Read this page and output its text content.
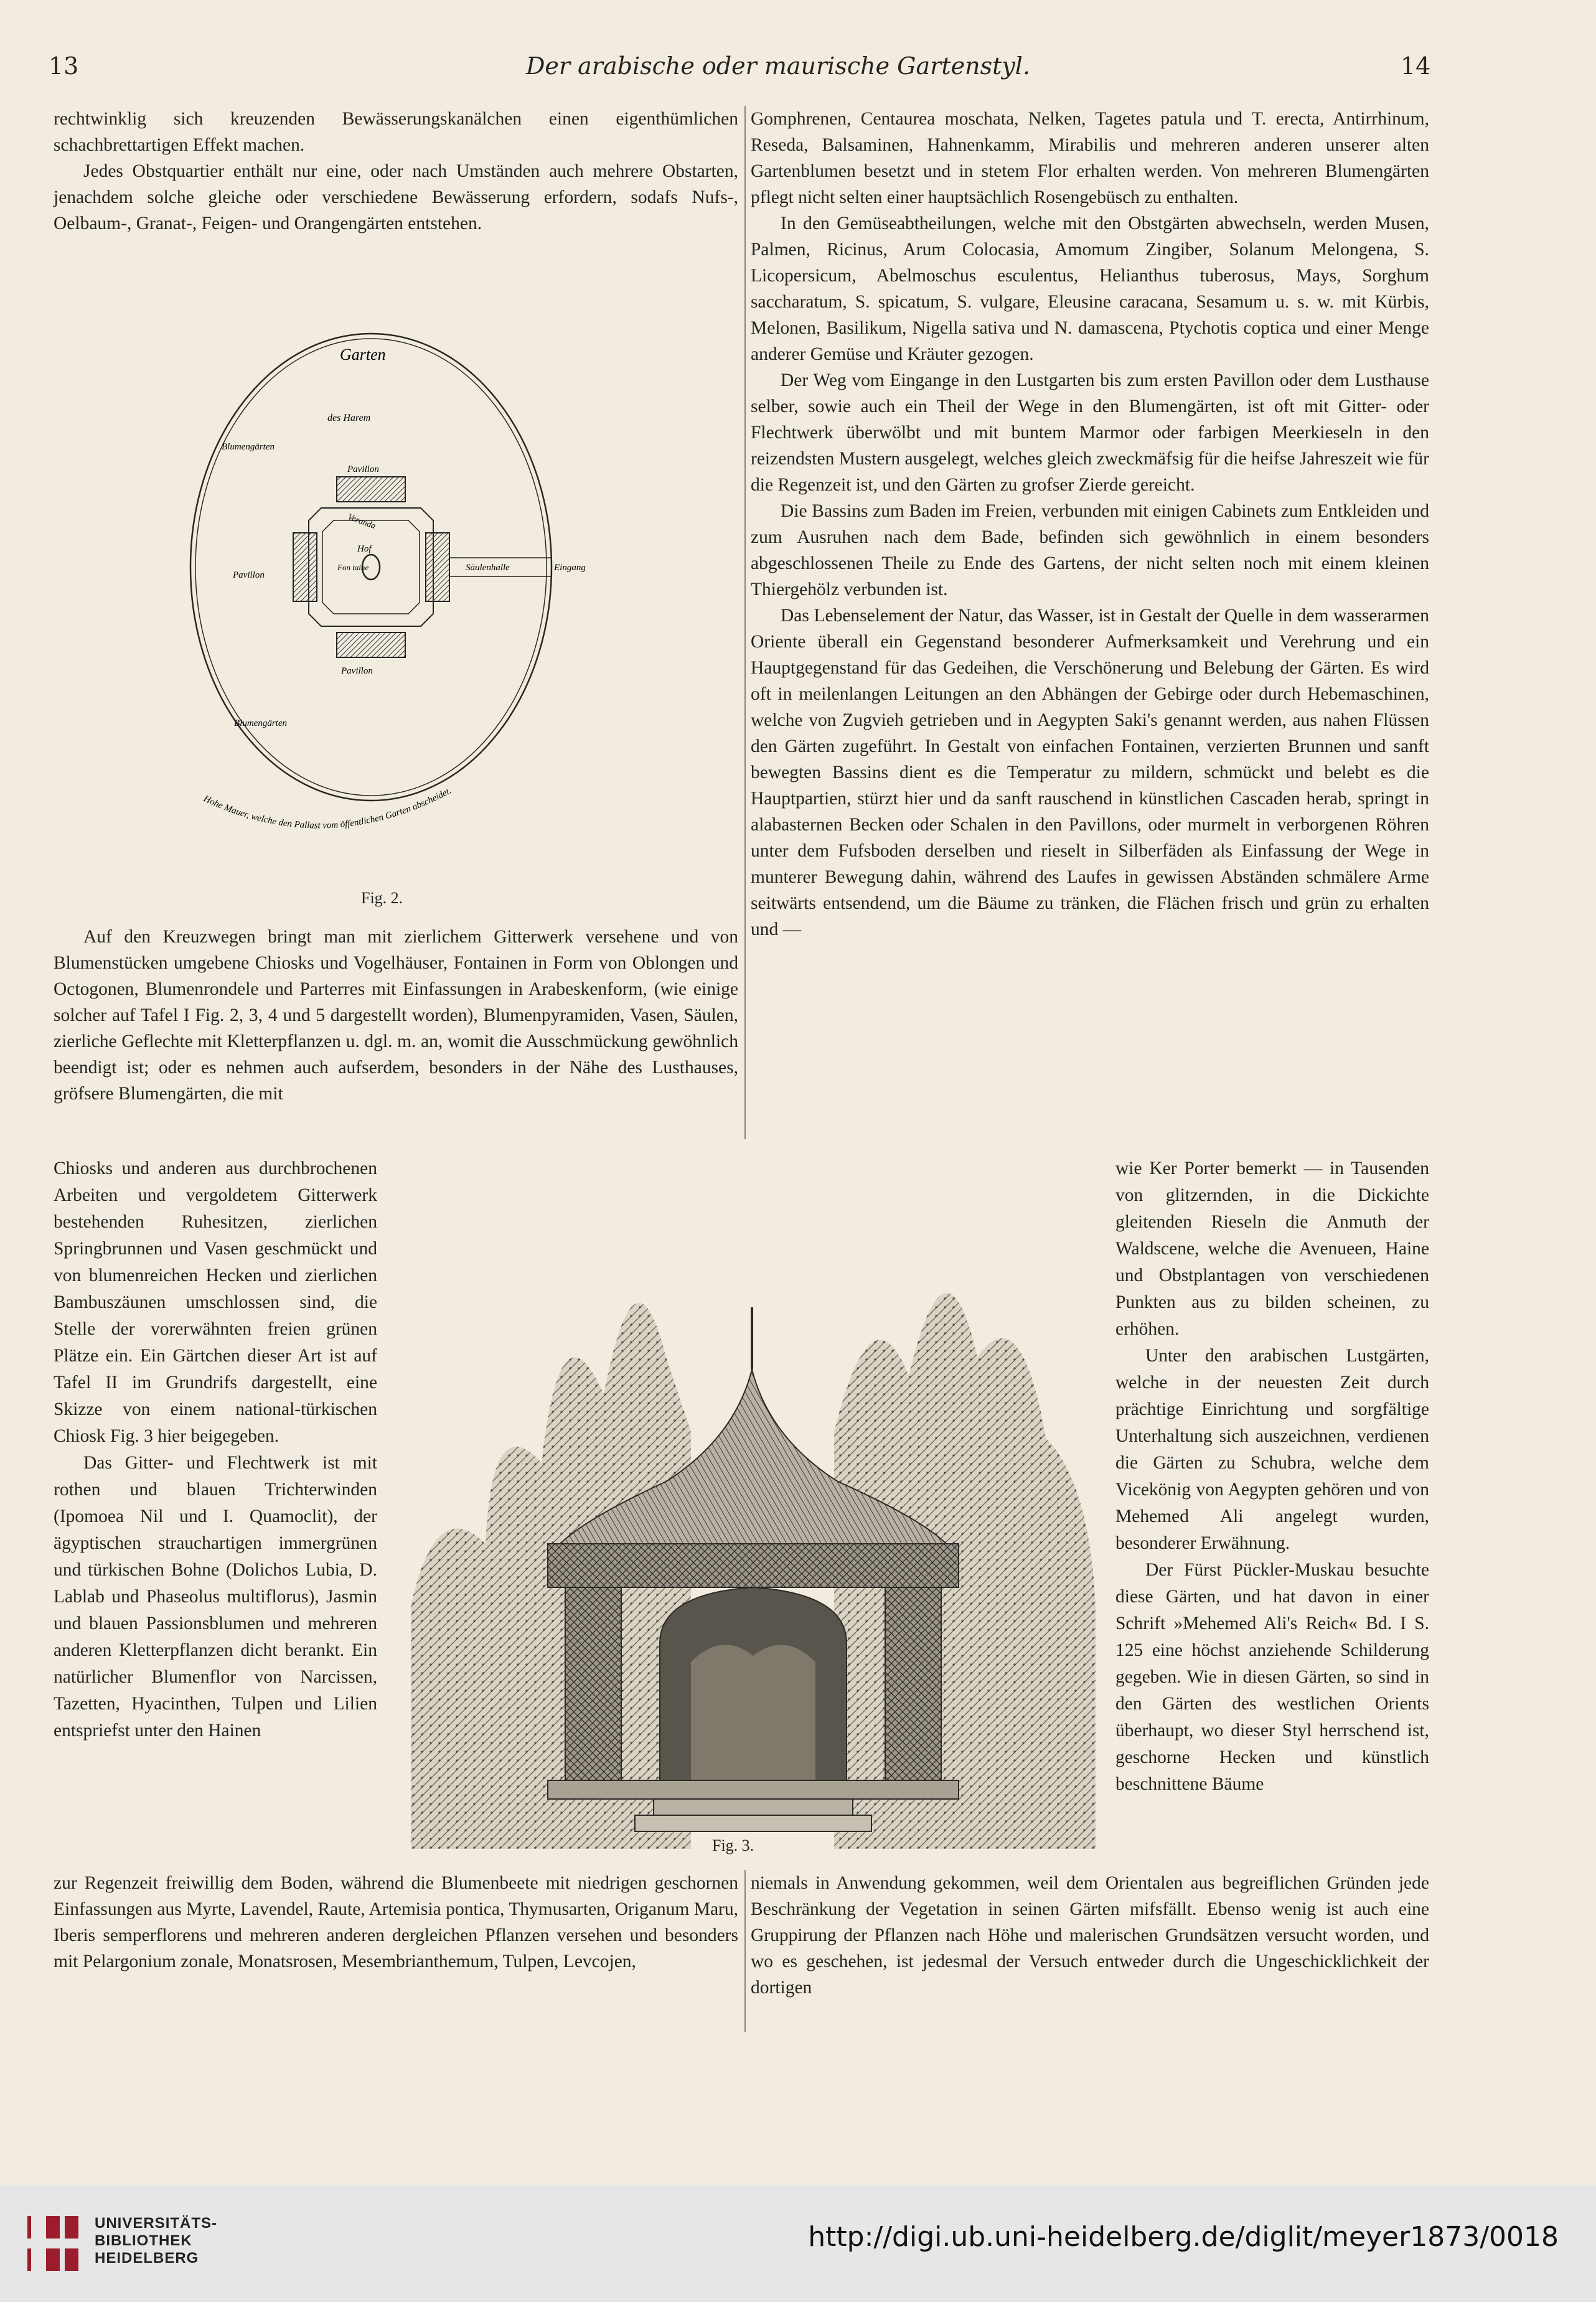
13	Der arabische oder maurische Gartenstyl.	14

rechtwinklig sich kreuzenden Bewässerungskanälchen einen eigenthümlichen schachbrettartigen Effekt machen.

Jedes Obstquartier enthält nur eine, oder nach Umständen auch mehrere Obstarten, jenachdem solche gleiche oder verschiedene Bewässerung erfordern, sodafs Nufs-, Oelbaum-, Granat-, Feigen- und Orangengärten entstehen.

Garten
des Harem
Blumengärten
Pavillon
Veranda
Hof
Fon taine
Pavillon
Pavillon
Säulenhalle	Eingang
Blumengärten
Hohe Mauer, welche den Pallast vom öffentlichen Garten abscheidet.
Fig. 2.

Auf den Kreuzwegen bringt man mit zierlichem Gitterwerk versehene und von Blumenstücken umgebene Chiosks und Vogelhäuser, Fontainen in Form von Oblongen und Octogonen, Blumenrondele und Parterres mit Einfassungen in Arabeskenform, (wie einige solcher auf Tafel I Fig. 2, 3, 4 und 5 dargestellt worden), Blumenpyramiden, Vasen, Säulen, zierliche Geflechte mit Kletterpflanzen u. dgl. m. an, womit die Ausschmückung gewöhnlich beendigt ist; oder es nehmen auch aufserdem, besonders in der Nähe des Lusthauses, gröfsere Blumengärten, die mit

Chiosks und anderen aus durchbrochenen Arbeiten und vergoldetem Gitterwerk bestehenden Ruhesitzen, zierlichen Springbrunnen und Vasen geschmückt und von blumenreichen Hecken und zierlichen Bambuszäunen umschlossen sind, die Stelle der vorerwähnten freien grünen Plätze ein. Ein Gärtchen dieser Art ist auf Tafel II im Grundrifs dargestellt, eine Skizze von einem national-türkischen Chiosk Fig. 3 hier beigegeben.

Das Gitter- und Flechtwerk ist mit rothen und blauen Trichterwinden (Ipomoea Nil und I. Quamoclit), der ägyptischen strauchartigen immergrünen und türkischen Bohne (Dolichos Lubia, D. Lablab und Phaseolus multiflorus), Jasmin und blauen Passionsblumen und mehreren anderen Kletterpflanzen dicht berankt. Ein natürlicher Blumenflor von Narcissen, Tazetten, Hyacinthen, Tulpen und Lilien entspriefst unter den Hainen

Fig. 3.

Gomphrenen, Centaurea moschata, Nelken, Tagetes patula und T. erecta, Antirrhinum, Reseda, Balsaminen, Hahnenkamm, Mirabilis und mehreren anderen unserer alten Gartenblumen besetzt und in stetem Flor erhalten werden. Von mehreren Blumengärten pflegt nicht selten einer hauptsächlich Rosengebüsch zu enthalten.

In den Gemüseabtheilungen, welche mit den Obstgärten abwechseln, werden Musen, Palmen, Ricinus, Arum Colocasia, Amomum Zingiber, Solanum Melongena, S. Licopersicum, Abelmoschus esculentus, Helianthus tuberosus, Mays, Sorghum saccharatum, S. spicatum, S. vulgare, Eleusine caracana, Sesamum u. s. w. mit Kürbis, Melonen, Basilikum, Nigella sativa und N. damascena, Ptychotis coptica und einer Menge anderer Gemüse und Kräuter gezogen.

Der Weg vom Eingange in den Lustgarten bis zum ersten Pavillon oder dem Lusthause selber, sowie auch ein Theil der Wege in den Blumengärten, ist oft mit Gitter- oder Flechtwerk überwölbt und mit buntem Marmor oder farbigen Meerkieseln in den reizendsten Mustern ausgelegt, welches gleich zweckmäfsig für die heifse Jahreszeit wie für die Regenzeit ist, und den Gärten zu grofser Zierde gereicht.

Die Bassins zum Baden im Freien, verbunden mit einigen Cabinets zum Entkleiden und zum Ausruhen nach dem Bade, befinden sich gewöhnlich in einem besonders abgeschlossenen Theile zu Ende des Gartens, der nicht selten noch mit einem kleinen Thiergehölz verbunden ist.

Das Lebenselement der Natur, das Wasser, ist in Gestalt der Quelle in dem wasserarmen Oriente überall ein Gegenstand besonderer Aufmerksamkeit und Verehrung und ein Hauptgegenstand für das Gedeihen, die Verschönerung und Belebung der Gärten. Es wird oft in meilenlangen Leitungen an den Abhängen der Gebirge oder durch Hebemaschinen, welche von Zugvieh getrieben und in Aegypten Saki's genannt werden, aus nahen Flüssen den Gärten zugeführt. In Gestalt von einfachen Fontainen, verzierten Brunnen und sanft bewegten Bassins dient es die Temperatur zu mildern, schmückt und belebt es die Hauptpartien, stürzt hier und da sanft rauschend in künstlichen Cascaden herab, springt in alabasternen Becken oder Schalen in den Pavillons, oder murmelt in verborgenen Röhren unter dem Fufsboden derselben und rieselt in Silberfäden als Einfassung der Wege in munterer Bewegung dahin, während des Laufes in gewissen Abständen schmälere Arme seitwärts entsendend, um die Bäume zu tränken, die Flächen frisch und grün zu erhalten und —

wie Ker Porter bemerkt — in Tausenden von glitzernden, in die Dickichte gleitenden Rieseln die Anmuth der Waldscene, welche die Avenueen, Haine und Obstplantagen von verschiedenen Punkten aus zu bilden scheinen, zu erhöhen.

Unter den arabischen Lustgärten, welche in der neuesten Zeit durch prächtige Einrichtung und sorgfältige Unterhaltung sich auszeichnen, verdienen die Gärten zu Schubra, welche dem Vicekönig von Aegypten gehören und von Mehemed Ali angelegt wurden, besonderer Erwähnung.

Der Fürst Pückler-Muskau besuchte diese Gärten, und hat davon in einer Schrift »Mehemed Ali's Reich« Bd. I S. 125 eine höchst anziehende Schilderung gegeben. Wie in diesen Gärten, so sind in den Gärten des westlichen Orients überhaupt, wo dieser Styl herrschend ist, geschorne Hecken und künstlich beschnittene Bäume

zur Regenzeit freiwillig dem Boden, während die Blumenbeete mit niedrigen geschornen Einfassungen aus Myrte, Lavendel, Raute, Artemisia pontica, Thymusarten, Origanum Maru, Iberis semperflorens und mehreren anderen dergleichen Pflanzen versehen und besonders mit Pelargonium zonale, Monatsrosen, Mesembrianthemum, Tulpen, Levcojen,

niemals in Anwendung gekommen, weil dem Orientalen aus begreiflichen Gründen jede Beschränkung der Vegetation in seinen Gärten mifsfällt. Ebenso wenig ist auch eine Gruppirung der Pflanzen nach Höhe und malerischen Grundsätzen versucht worden, und wo es geschehen, ist jedesmal der Versuch entweder durch die Ungeschicklichkeit der dortigen

UNIVERSITÄTS-
BIBLIOTHEK
HEIDELBERG
http://digi.ub.uni-heidelberg.de/diglit/meyer1873/0018
